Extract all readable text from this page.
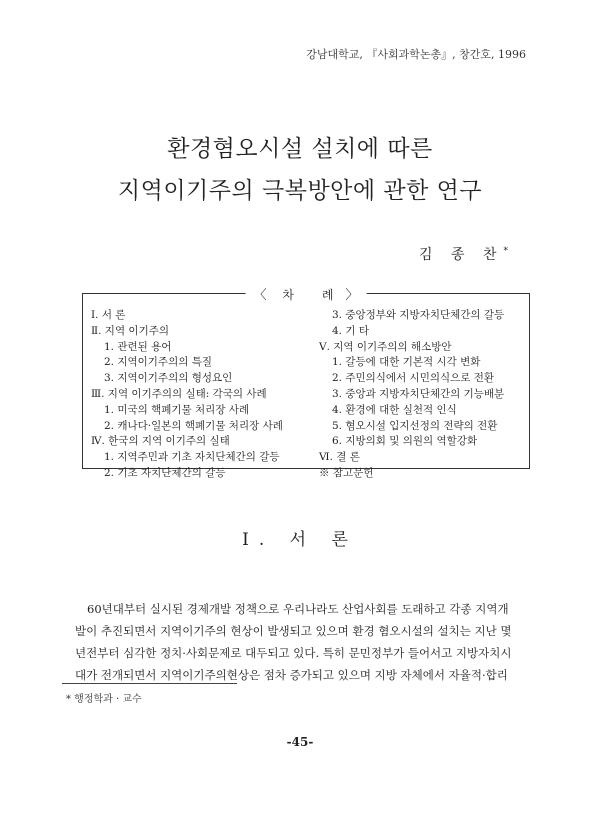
강남대학교, 『사회과학논총』, 창간호, 1996
환경혐오시설 설치에 따른
지역이기주의 극복방안에 관한 연구
김 종 찬*
〈 차 례〉
Ⅰ. 서 론
Ⅱ. 지역 이기주의
1. 관련된 용어
2. 지역이기주의의 특질
3. 지역이기주의의 형성요인
Ⅲ. 지역 이기주의의 실태: 각국의 사례
1. 미국의 핵폐기물 처리장 사례
2. 캐나다·일본의 핵폐기물 처리장 사례
Ⅳ. 한국의 지역 이기주의 실태
1. 지역주민과 기초 자치단체간의 갈등
2. 기초 자치단체간의 갈등
3. 중앙정부와 지방자치단체간의 갈등
4. 기 타
Ⅴ. 지역 이기주의의 해소방안
1. 갈등에 대한 기본적 시각 변화
2. 주민의식에서 시민의식으로 전환
3. 중앙과 지방자치단체간의 기능배분
4. 환경에 대한 실천적 인식
5. 혐오시설 입지선정의 전략의 전환
6. 지방의회 및 의원의 역할강화
Ⅵ. 결 론
※ 참고문헌
Ⅰ. 서 론
60년대부터 실시된 경제개발 정책으로 우리나라도 산업사회를 도래하고 각종 지역개
발이 추진되면서 지역이기주의 현상이 발생되고 있으며 환경 혐오시설의 설치는 지난 몇
년전부터 심각한 정치·사회문제로 대두되고 있다. 특히 문민정부가 들어서고 지방자치시
대가 전개되면서 지역이기주의현상은 점차 증가되고 있으며 지방 자체에서 자율적·합리
* 행정학과 · 교수
-45-
